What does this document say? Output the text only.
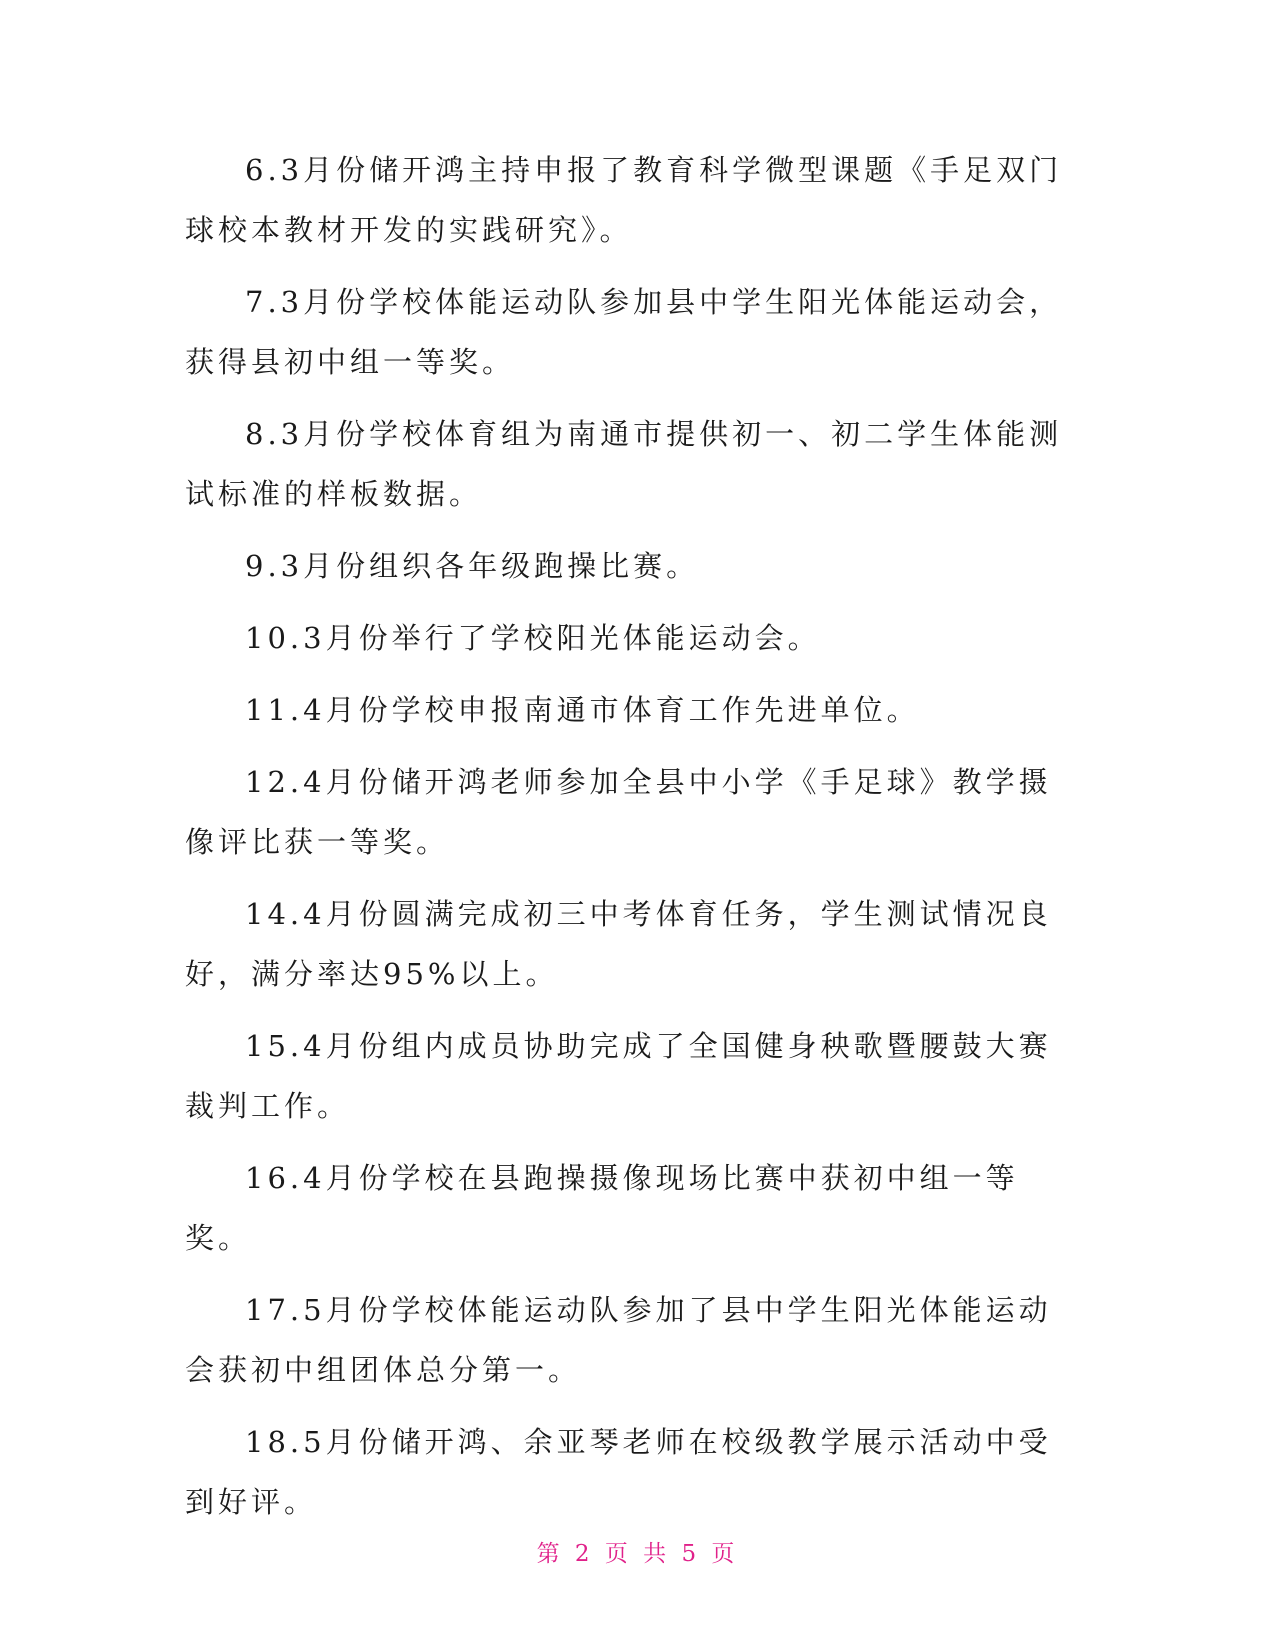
6.3月份储开鸿主持申报了教育科学微型课题《手足双门球校本教材开发的实践研究》。

7.3月份学校体能运动队参加县中学生阳光体能运动会，获得县初中组一等奖。

8.3月份学校体育组为南通市提供初一、初二学生体能测试标准的样板数据。

9.3月份组织各年级跑操比赛。

10.3月份举行了学校阳光体能运动会。

11.4月份学校申报南通市体育工作先进单位。

12.4月份储开鸿老师参加全县中小学《手足球》教学摄像评比获一等奖。

14.4月份圆满完成初三中考体育任务，学生测试情况良好，满分率达95%以上。

15.4月份组内成员协助完成了全国健身秧歌暨腰鼓大赛裁判工作。

16.4月份学校在县跑操摄像现场比赛中获初中组一等奖。

17.5月份学校体能运动队参加了县中学生阳光体能运动会获初中组团体总分第一。

18.5月份储开鸿、余亚琴老师在校级教学展示活动中受到好评。

第 2 页 共 5 页
